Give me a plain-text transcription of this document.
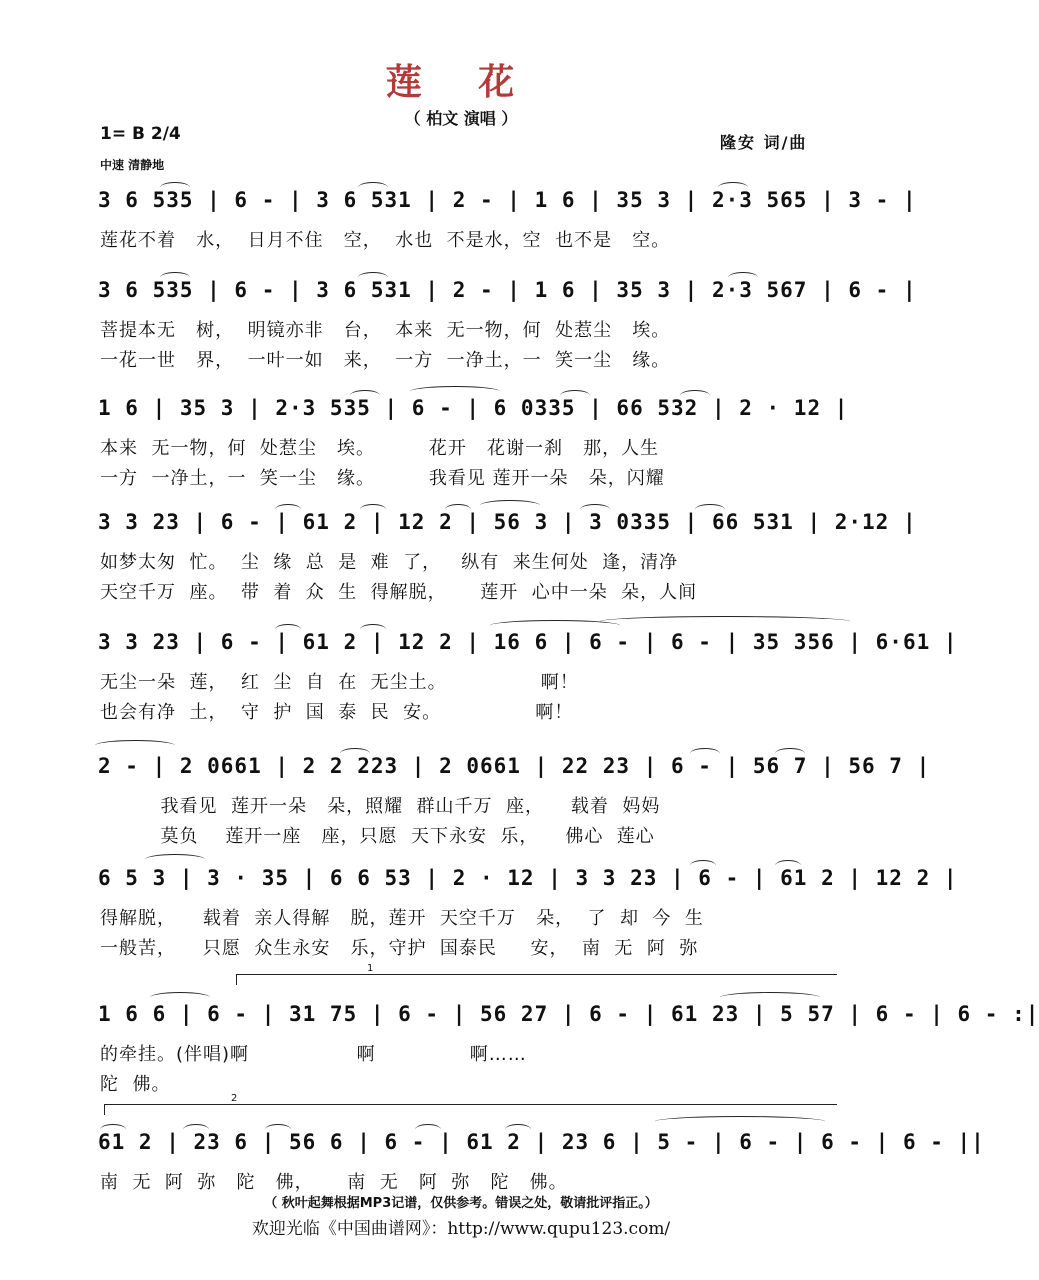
莲 花
（ 柏文 演唱 ）
1= B 2/4	隆安 词/曲
中速 清静地
3 6 535 | 6 - | 3 6 531 | 2 - | 1 6 | 35 3 | 2·3 565 | 3 - |
莲花不着   水，  日月不住   空，  水也  不是水，空  也不是   空。
3 6 535 | 6 - | 3 6 531 | 2 - | 1 6 | 35 3 | 2·3 567 | 6 - |
菩提本无   树，  明镜亦非   台，  本来  无一物，何  处惹尘   埃。
一花一世   界，  一叶一如   来，  一方  一净土，一  笑一尘   缘。
1 6 | 35 3 | 2·3 535 | 6 - | 6 0335 | 66 532 | 2 · 12 |
本来  无一物，何  处惹尘   埃。        花开   花谢一刹   那，人生
一方  一净土，一  笑一尘   缘。        我看见 莲开一朵   朵，闪耀
3 3 23 | 6 - | 61 2 | 12 2 | 56 3 | 3 0335 | 66 531 | 2·12 |
如梦太匆  忙。  尘  缘  总  是  难  了，   纵有  来生何处  逢，清净
天空千万  座。  带  着  众  生  得解脱，     莲开  心中一朵  朵，人间
3 3 23 | 6 - | 61 2 | 12 2 | 16 6 | 6 - | 6 - | 35 356 | 6·61 |
无尘一朵  莲，  红  尘  自  在  无尘土。              啊！
也会有净  土，  守  护  国  泰  民  安。              啊！
2 - | 2 0661 | 2 2 223 | 2 0661 | 22 23 | 6 - | 56 7 | 56 7 |
我看见  莲开一朵   朵，照耀  群山千万  座，    载着  妈妈
莫负    莲开一座   座，只愿  天下永安  乐，    佛心  莲心
6 5 3 | 3 · 35 | 6 6 53 | 2 · 12 | 3 3 23 | 6 - | 61 2 | 12 2 |
得解脱，    载着  亲人得解   脱，莲开  天空千万   朵，  了  却  今  生
一般苦，    只愿  众生永安   乐，守护  国泰民     安，  南  无  阿  弥
1
1 6 6 | 6 - | 31 75 | 6 - | 56 27 | 6 - | 61 23 | 5 57 | 6 - | 6 - :|
的牵挂。(伴唱)啊                啊              啊……
陀  佛。
2
61 2 | 23 6 | 56 6 | 6 - | 61 2 | 23 6 | 5 - | 6 - | 6 - | 6 - ||
南  无  阿  弥   陀   佛，     南  无   阿  弥   陀   佛。
（ 秋叶起舞根据MP3记谱，仅供参考。错误之处，敬请批评指正。）
欢迎光临《中国曲谱网》：http://www.qupu123.com/
